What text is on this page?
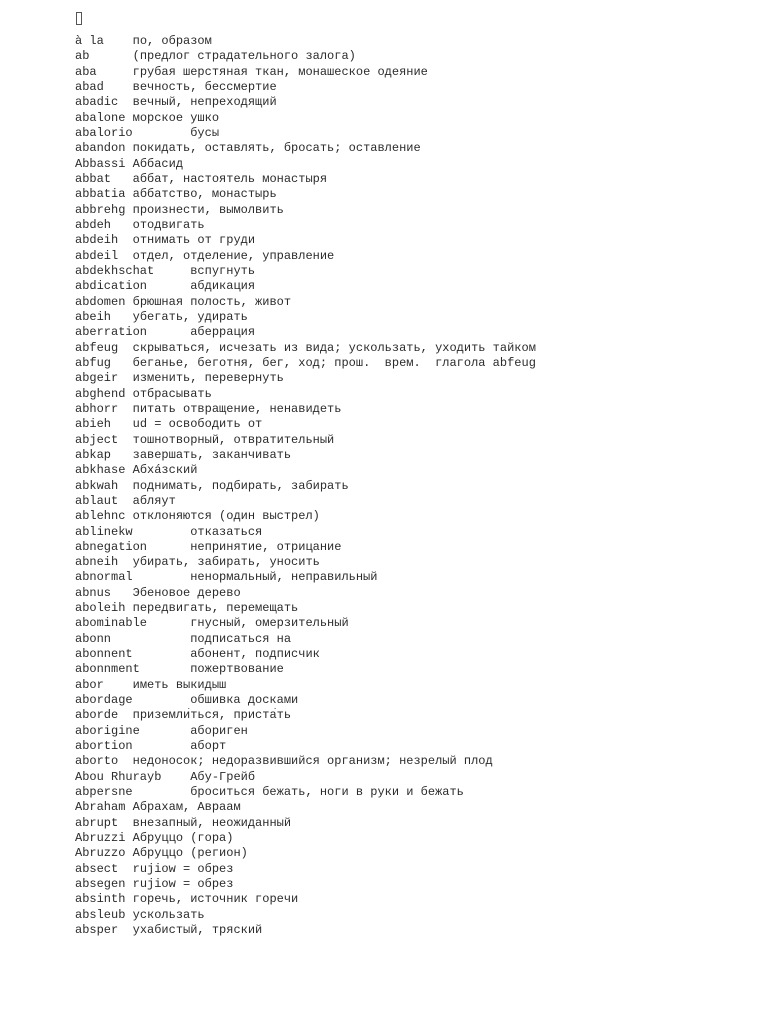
à la по, образом
ab	(предлог страдательного залога)
aba	грубая шерстяная ткан, монашеское одеяние
abad вечность, бессмертие
abadic вечный, непреходящий
abalone морское ушко
abalorio	бусы
abandon покидать, оставлять, бросать; оставление
Abbassi Аббасид
abbat аббат, настоятель монастыря
abbatia аббатство, монастырь
abbrehg произнести, вымолвить
abdeh отодвигать
abdeih отнимать от груди
abdeil отдел, отделение, управление
abdekhschat	вспугнуть
abdication	абдикация
abdomen брюшная полость, живот
abeih убегать, удирать
aberration	аберрация
abfeug скрываться, исчезать из вида; ускользать, уходить тайком
abfug беганье, беготня, бег, ход; прош.  врем.  глагола abfeug
abgeir изменить, перевернуть
abghend отбрасывать
abhorr питать отвращение, ненавидеть
abieh ud = освободить от
abject тошнотворный, отвратительный
abkap завершать, заканчивать
abkhase Абхáзский
abkwah поднимать, подбирать, забирать
ablaut абляут
ablehnc отклоняются (один выстрел)
ablinekw	отказаться
abnegation	непринятие, отрицание
abneih убирать, забирать, уносить
abnormal	ненормальный, неправильный
abnus Эбеновое дерево
aboleih передвигать, перемещать
abominable	гнусный, омерзительный
abonn	подписаться на
abonnent	абонент, подписчик
abonnment	пожертвование
abor иметь выкидыш
abordage	обшивка досками
aborde приземли́ться, приста́ть
aborigine	абориген
abortion	аборт
aborto недоносок; недоразвившийся организм; незрелый плод
Abou Rhurayb Абу-Грейб
abpersne	броситься бежать, ноги в руки и бежать
Abraham Абрахам, Авраам
abrupt внезапный, неожиданный
Abruzzi Абруццо (гора)
Abruzzo Абруццо (регион)
absect rujiow = обрез
absegen rujiow = обрез
absinth горечь, источник горечи
absleub ускользать
absper ухабистый, тряский
